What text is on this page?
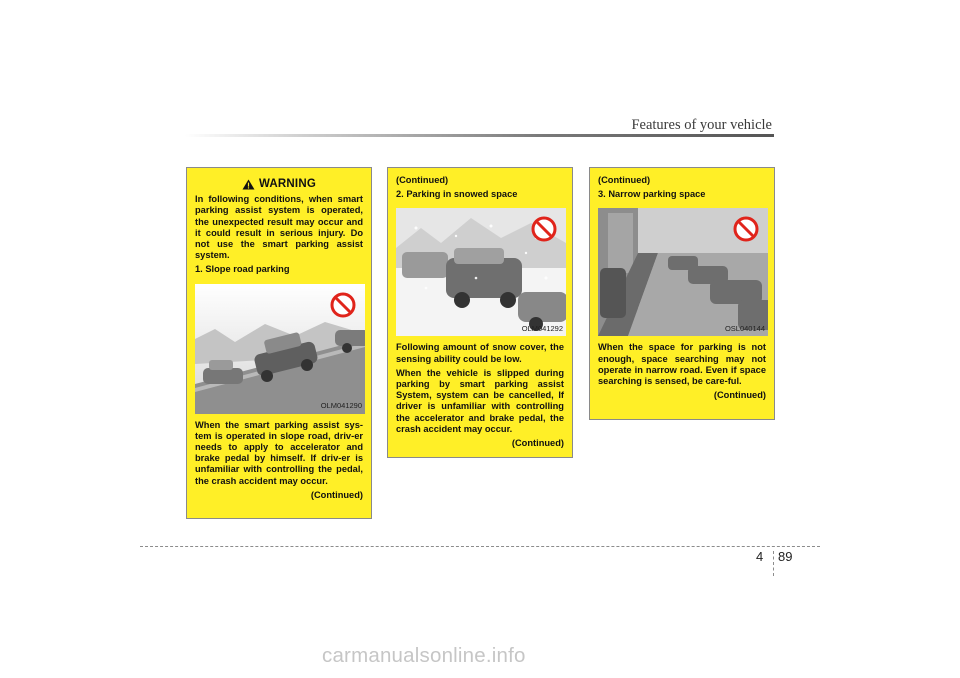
Features of your vehicle
WARNING

In following conditions, when smart parking assist system is operated, the unexpected result may occur and it could result in serious injury. Do not use the smart parking assist system.

1. Slope road parking

OLM041290

When the smart parking assist sys-tem is operated in slope road, driv-er needs to apply to accelerator and brake pedal by himself. If driv-er is unfamiliar with controlling the pedal, the crash accident may occur.

(Continued)

(Continued)

2. Parking in snowed space

OLM041292

Following amount of snow cover, the sensing ability could be low.

When the vehicle is slipped during parking by smart parking assist System, system can be cancelled, If driver is unfamiliar with controlling the accelerator and brake pedal, the crash accident may occur.

(Continued)

(Continued)

3. Narrow parking space

OSL040144

When the space for parking is not enough, space searching may not operate in narrow road. Even if space searching is sensed, be care-ful.

(Continued)

4 89
carmanualsonline.info
